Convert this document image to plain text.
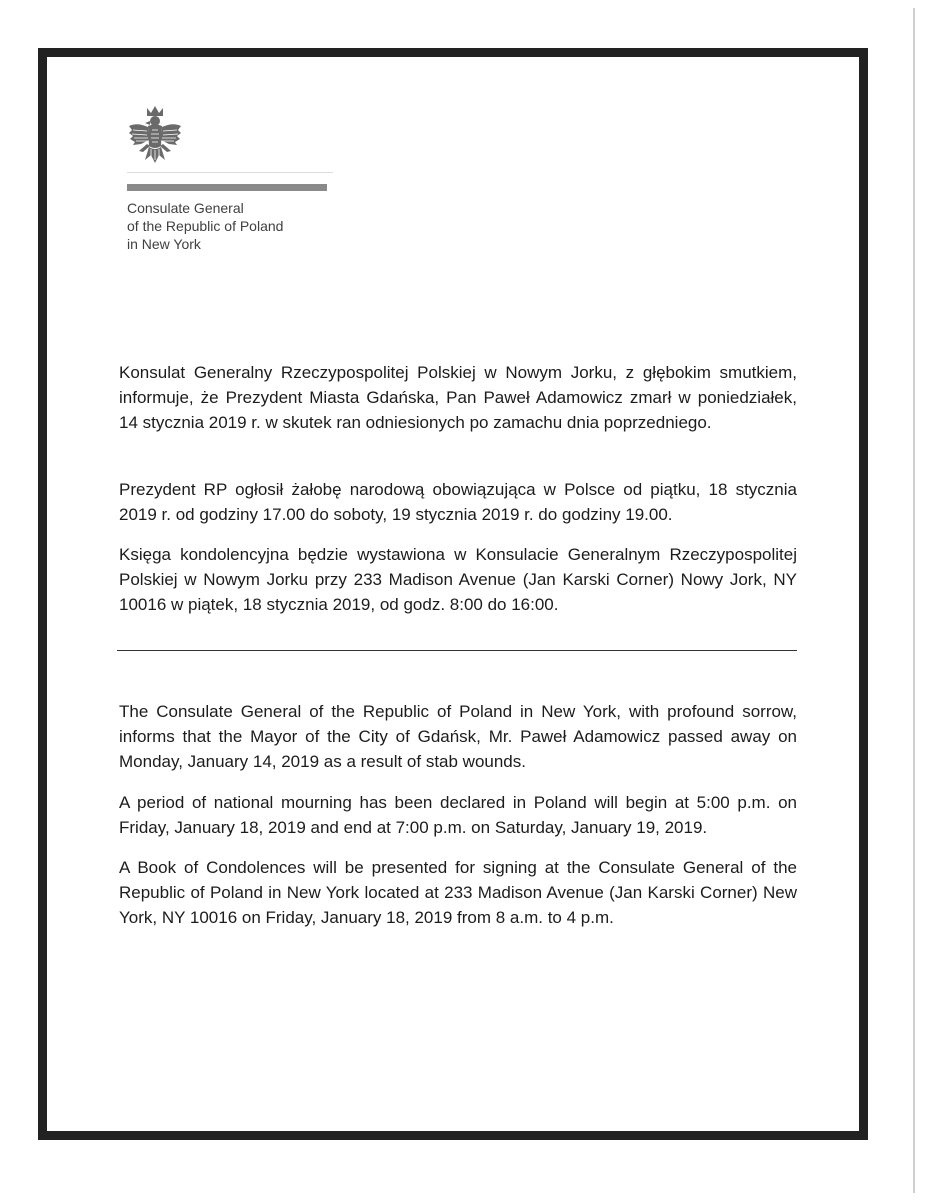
Consulate General
of the Republic of Poland
in New York
Konsulat Generalny Rzeczypospolitej Polskiej w Nowym Jorku, z głębokim smutkiem, informuje, że Prezydent Miasta Gdańska, Pan Paweł Adamowicz zmarł w poniedziałek, 14 stycznia 2019 r. w skutek ran odniesionych po zamachu dnia poprzedniego.
Prezydent RP ogłosił żałobę narodową obowiązująca w Polsce od piątku, 18 stycznia 2019 r. od godziny 17.00 do soboty, 19 stycznia 2019 r. do godziny 19.00.
Księga kondolencyjna będzie wystawiona w Konsulacie Generalnym Rzeczypospolitej Polskiej w Nowym Jorku przy 233 Madison Avenue (Jan Karski Corner) Nowy Jork, NY 10016 w piątek, 18 stycznia 2019, od godz. 8:00 do 16:00.
The Consulate General of the Republic of Poland in New York, with profound sorrow, informs that the Mayor of the City of Gdańsk, Mr. Paweł Adamowicz passed away on Monday, January 14, 2019 as a result of stab wounds.
A period of national mourning has been declared in Poland will begin at 5:00 p.m. on Friday, January 18, 2019 and end at 7:00 p.m. on Saturday, January 19, 2019.
A Book of Condolences will be presented for signing at the Consulate General of the Republic of Poland in New York located at 233 Madison Avenue (Jan Karski Corner) New York, NY 10016 on Friday, January 18, 2019 from 8 a.m. to 4 p.m.
